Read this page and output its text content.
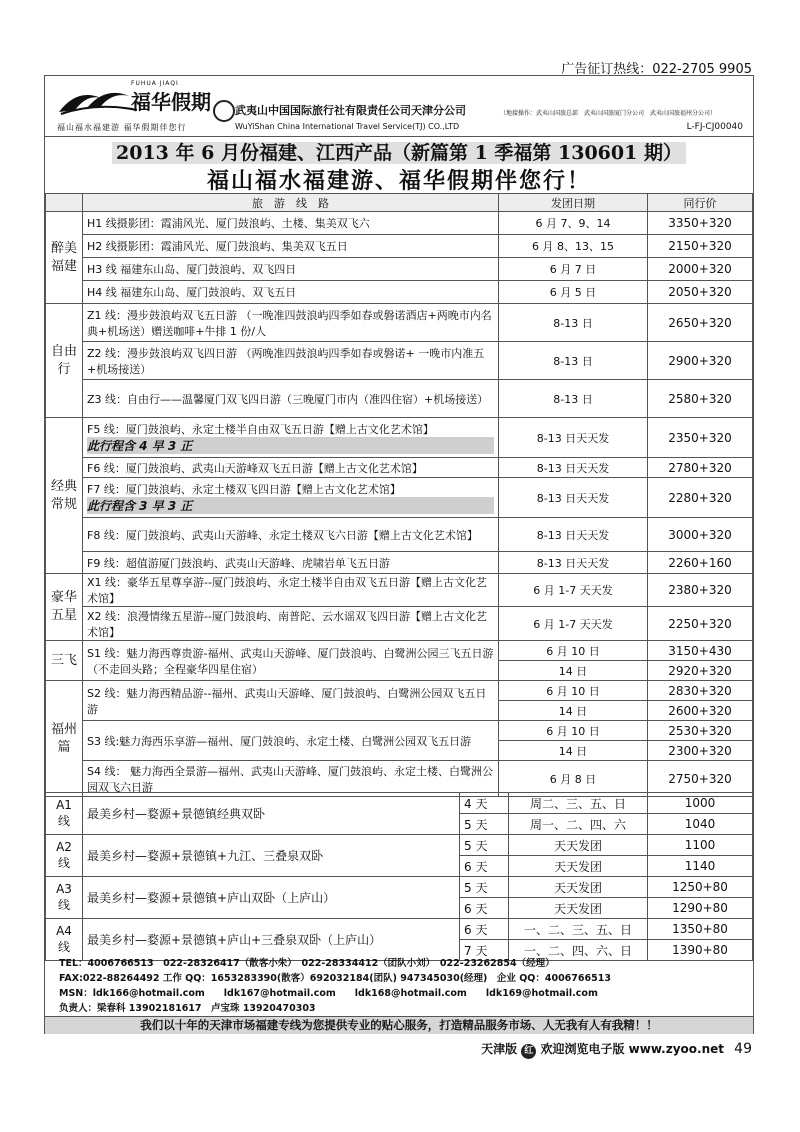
广告征订热线：022-2705 9905
FUHUA JIAQI
福华假期
福山福水福建游 福华假期伴您行
武夷山中国国际旅行社有限责任公司天津分公司
WuYiShan China International Travel Service(TJ) CO.,LTD
（地接操作：武夷山国旅总部　武夷山国旅厦门分公司　武夷山国旅福州分公司）
L-FJ-CJ00040
2013 年 6 月份福建、江西产品（新篇第 1 季福第 130601 期）
福山福水福建游、福华假期伴您行！
	旅　游　线　路	发团日期	同行价
醉美福建	H1 线摄影团：霞浦风光、厦门鼓浪屿、土楼、集美双飞六	6 月 7、9、14	3350+320
	H2 线摄影团：霞浦风光、厦门鼓浪屿、集美双飞五日	6 月 8、13、15	2150+320
	H3 线 福建东山岛、厦门鼓浪屿、双飞四日	6 月 7 日	2000+320
	H4 线 福建东山岛、厦门鼓浪屿、双飞五日	6 月 5 日	2050+320
自由行	Z1 线：漫步鼓浪屿双飞五日游 （一晚准四鼓浪屿四季如春或磐诺酒店+两晚市内名典+机场送）赠送咖啡+牛排 1 份/人	8-13 日	2650+320
	Z2 线：漫步鼓浪屿双飞四日游 （两晚准四鼓浪屿四季如春或磐诺+ 一晚市内准五+机场接送）	8-13 日	2900+320
	Z3 线：自由行——温馨厦门双飞四日游（三晚厦门市内（准四住宿）+机场接送）	8-13 日	2580+320
经典常规	F5 线：厦门鼓浪屿、永定土楼半自由双飞五日游【赠上古文化艺术馆】
此行程含 4 早 3 正	8-13 日天天发	2350+320
	F6 线：厦门鼓浪屿、武夷山天游峰双飞五日游【赠上古文化艺术馆】	8-13 日天天发	2780+320

	F7 线：厦门鼓浪屿、永定土楼双飞四日游【赠上古文化艺术馆】
此行程含 3 早 3 正	8-13 日天天发	2280+320
	F8 线：厦门鼓浪屿、武夷山天游峰、永定土楼双飞六日游【赠上古文化艺术馆】	8-13 日天天发	3000+320
	F9 线：超值游厦门鼓浪屿、武夷山天游峰、虎啸岩单飞五日游	8-13 日天天发	2260+160
豪华五星	X1 线：豪华五星尊享游--厦门鼓浪屿、永定土楼半自由双飞五日游【赠上古文化艺术馆】	6 月 1-7 天天发	2380+320
	X2 线：浪漫情缘五星游--厦门鼓浪屿、南普陀、云水谣双飞四日游【赠上古文化艺术馆】	6 月 1-7 天天发	2250+320
三飞	S1 线：魅力海西尊贵游-福州、武夷山天游峰、厦门鼓浪屿、白鹭洲公园三飞五日游（不走回头路；全程豪华四星住宿）	6 月 10 日	3150+430
		14 日	2920+320
福州篇	S2 线：魅力海西精品游--福州、武夷山天游峰、厦门鼓浪屿、白鹭洲公园双飞五日游	6 月 10 日	2830+320
		14 日	2600+320
	S3 线:魅力海西乐享游—福州、厦门鼓浪屿、永定土楼、白鹭洲公园双飞五日游	6 月 10 日	2530+320
		14 日	2300+320
	S4 线： 魅力海西全景游—福州、武夷山天游峰、厦门鼓浪屿、永定土楼、白鹭洲公园双飞六日游	6 月 8 日	2750+320
A1 线	最美乡村—婺源+景德镇经典双卧	4 天	周二、三、五、日	1000
		5 天	周一、二、四、六	1040
A2 线	最美乡村—婺源+景德镇+九江、三叠泉双卧	5 天	天天发团	1100
		6 天	天天发团	1140
A3 线	最美乡村—婺源+景德镇+庐山双卧（上庐山）	5 天	天天发团	1250+80
		6 天	天天发团	1290+80
A4 线	最美乡村—婺源+景德镇+庐山+三叠泉双卧（上庐山）	6 天	一、二、三、五、日	1350+80
		7 天	一、二、四、六、日	1390+80
TEL：4006766513　022-28326417（散客小朱）　022-28334412（团队小刘）　022-23262854（经理）
FAX:022-88264492 工作 QQ：1653283390(散客）692032184(团队) 947345030(经理)　企业 QQ：4006766513
MSN：ldk166@hotmail.com　　ldk167@hotmail.com　　ldk168@hotmail.com　　ldk169@hotmail.com
负责人：梁春科 13902181617　卢宝珠 13920470303
我们以十年的天津市场福建专线为您提供专业的贴心服务，打造精品服务市场、人无我有人有我精！！
天津版 红 欢迎浏览电子版 www.zyoo.net 49
